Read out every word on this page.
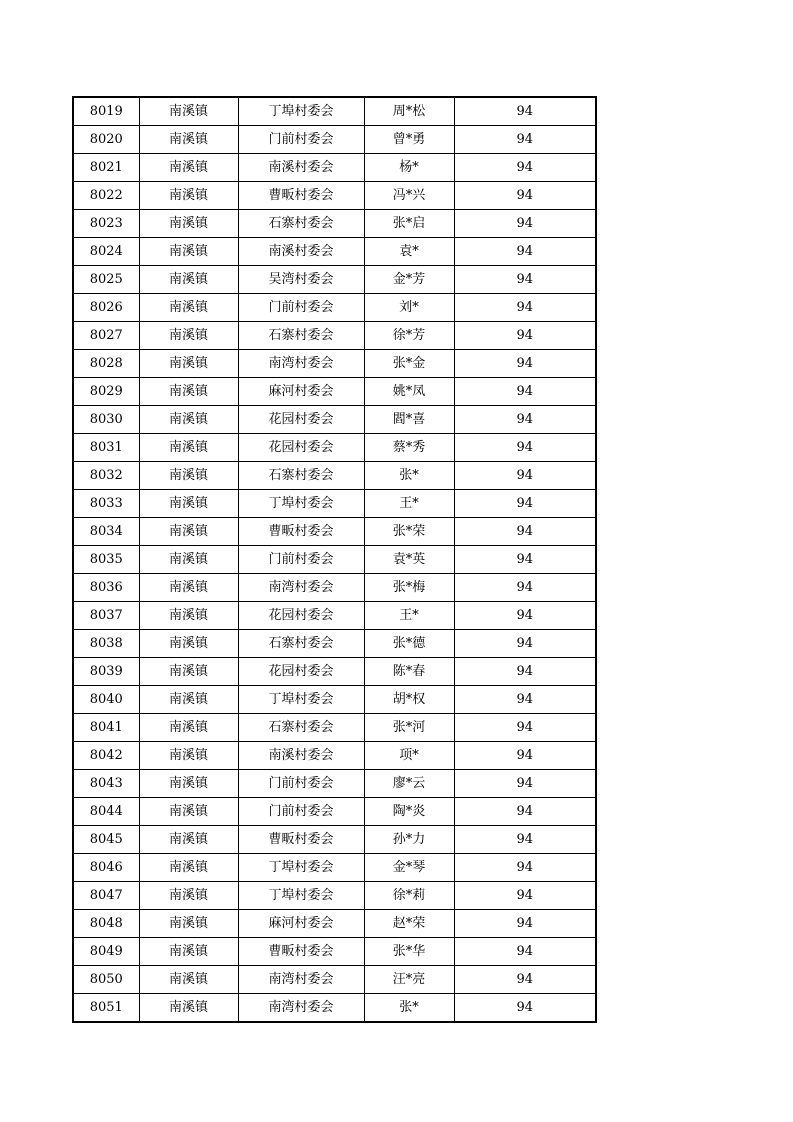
8019	南溪镇	丁埠村委会	周*松	94
8020	南溪镇	门前村委会	曾*勇	94
8021	南溪镇	南溪村委会	杨*	94
8022	南溪镇	曹畈村委会	冯*兴	94
8023	南溪镇	石寨村委会	张*启	94
8024	南溪镇	南溪村委会	袁*	94
8025	南溪镇	吴湾村委会	金*芳	94
8026	南溪镇	门前村委会	刘*	94
8027	南溪镇	石寨村委会	徐*芳	94
8028	南溪镇	南湾村委会	张*金	94
8029	南溪镇	麻河村委会	姚*凤	94
8030	南溪镇	花园村委会	閻*喜	94
8031	南溪镇	花园村委会	蔡*秀	94
8032	南溪镇	石寨村委会	张*	94
8033	南溪镇	丁埠村委会	王*	94
8034	南溪镇	曹畈村委会	张*荣	94
8035	南溪镇	门前村委会	袁*英	94
8036	南溪镇	南湾村委会	张*梅	94
8037	南溪镇	花园村委会	王*	94
8038	南溪镇	石寨村委会	张*德	94
8039	南溪镇	花园村委会	陈*春	94
8040	南溪镇	丁埠村委会	胡*权	94
8041	南溪镇	石寨村委会	张*河	94
8042	南溪镇	南溪村委会	项*	94
8043	南溪镇	门前村委会	廖*云	94
8044	南溪镇	门前村委会	陶*炎	94
8045	南溪镇	曹畈村委会	孙*力	94
8046	南溪镇	丁埠村委会	金*琴	94
8047	南溪镇	丁埠村委会	徐*莉	94
8048	南溪镇	麻河村委会	赵*荣	94
8049	南溪镇	曹畈村委会	张*华	94
8050	南溪镇	南湾村委会	汪*亮	94
8051	南溪镇	南湾村委会	张*	94
